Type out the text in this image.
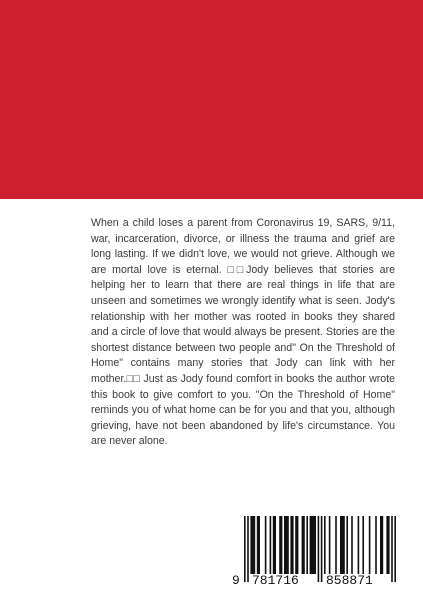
When a child loses a parent from Coronavirus 19, SARS, 9/11, war, incarceration, divorce, or illness the trauma and grief are long lasting. If we didn't love, we would not grieve. Although we are mortal love is eternal. □□Jody believes that stories are helping her to learn that there are real things in life that are unseen and sometimes we wrongly identify what is seen. Jody's relationship with her mother was rooted in books they shared and a circle of love that would always be present. Stories are the shortest distance between two people and" On the Threshold of Home" contains many stories that Jody can link with her mother.□□ Just as Jody found comfort in books the author wrote this book to give comfort to you. "On the Threshold of Home" reminds you of what home can be for you and that you, although grieving, have not been abandoned by life's circumstance. You are never alone.

9 781716 858871
